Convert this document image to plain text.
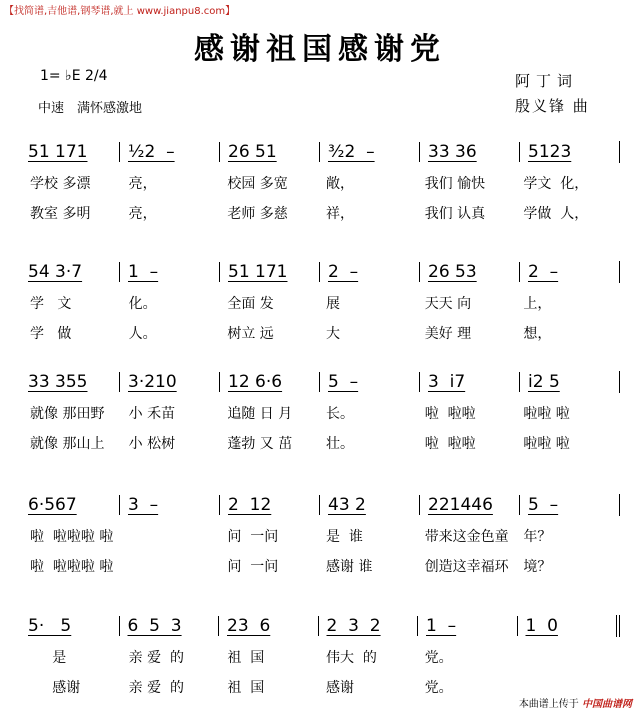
【找简谱,吉他谱,钢琴谱,就上 www.jianpu8.com】
感谢祖国感谢党
1= ♭E 2/4
中速　满怀感激地
阿丁词
殷义锋 曲
51 171	¹⁄₂2  –	26 51	³⁄₂2  –	33 36	5123
学校 多漂	亮，	校园 多宽	敞，	我们 愉快	学文  化，
教室 多明	亮，	老师 多慈	祥，	我们 认真	学做  人，
54 3·7	1  –	51 171	2  –	26 53	2  –
学   文	化。	全面 发	展	天天 向	上，
学   做	人。	树立 远	大	美好 理	想，
33 355	3·210	12 6·6	5  –	3  i7	i2 5
就像 那田野	小 禾苗	追随 日 月	长。	啦  啦啦	啦啦 啦
就像 那山上	小 松树	蓬勃 又 茁	壮。	啦  啦啦	啦啦 啦
6·567	3  –	2  12	43 2	221446	5  –
啦  啦啦啦 啦	问  一问	是  谁	带来这金色童	年？
啦  啦啦啦 啦	问  一问	感谢 谁	创造这幸福环	境？
5·   5	6  5  3	23  6	2  3  2	1  –	1  0
是	亲 爱  的	祖  国	伟大  的	党。
感谢	亲 爱  的	祖  国	感谢	党。
本曲谱上传于 中国曲谱网
